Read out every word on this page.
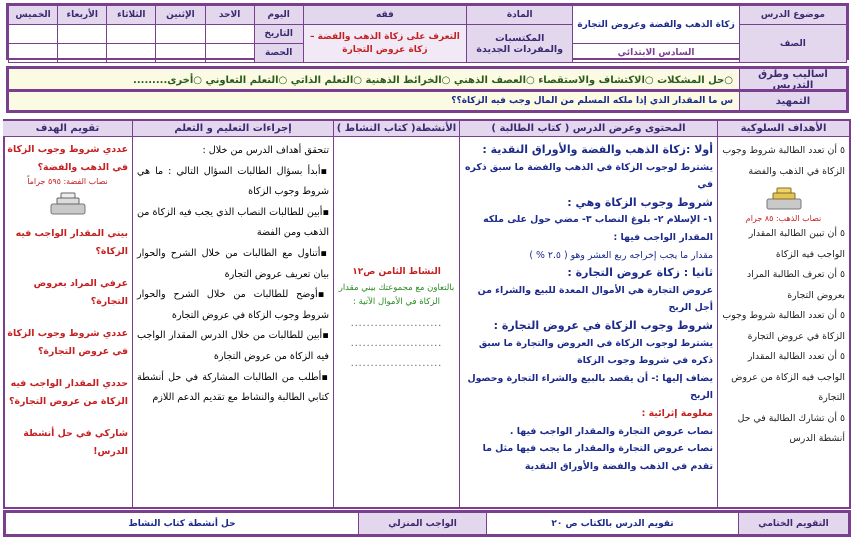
موضوع الدرس	زكاة الذهب والفضة وعروض التجارة	المادة	فقه	اليوم	الاحد	الإثنين	الثلاثاء	الأربعاء	الخميس
الصف		المكتسبات والمفردات الجديدة	التعرف على زكاة الذهب والفضة – زكاة عروض التجارة	التاريخ					
	السادس الابتدائي			الحصة					
أساليب وطرق التدريس	○حل المشكلات ○الاكتشاف والاستقصاء ○العصف الذهني ○الخرائط الذهنية ○التعلم الذاتي ○التعلم التعاوني ○أخرى.........
التمهيد	س ما المقدار الذي إذا ملكه المسلم من المال وجب فيه الزكاة؟؟
الأهداف السلوكية
٥ أن تعدد الطالبة شروط وجوب الزكاة في الذهب والفضة
نصاب الذهب: ٨٥ جرام
٥ أن تبين الطالبة المقدار الواجب فيه الزكاة
٥ أن تعرف الطالبة المراد بعروض التجارة
٥ أن تعدد الطالبة شروط وجوب الزكاة في عروض التجارة
٥ أن تعدد الطالبة المقدار الواجب فيه الزكاة من عروض التجارة
٥ أن تشارك الطالبة في حل أنشطة الدرس
المحتوى وعرض الدرس ( كتاب الطالبة )
أولا :زكاة الذهب والفضة والأوراق النقدية :
يشترط لوجوب الزكاة في الذهب والفضة ما سبق ذكره في
شروط وجوب الزكاة وهي :
١- الإسلام ٢- بلوغ النصاب ٣- مضي حول على ملكه
المقدار الواجب فيها :
مقدار ما يجب إخراجه ربع العشر وهو ( ٢.٥ % )
ثانيا : زكاة عروض التجارة :
عروض التجارة هي الأموال المعدة للبيع والشراء من أجل الربح
شروط وجوب الزكاة في عروض التجارة :
يشترط لوجوب الزكاة في العروض والتجارة ما سبق ذكره في شروط وجوب الزكاة
يضاف إليها :- أن يقصد بالبيع والشراء التجارة وحصول الربح
معلومة إثرائية :
نصاب عروض التجارة والمقدار الواجب فيها .
نصاب عروض التجارة والمقدار ما يجب فيها مثل ما تقدم في الذهب والفضة والأوراق النقدية
الأنشطة( كتاب النشاط )
النشاط الثامن ص١٢
بالتعاون مع مجموعتك بيني مقدار الزكاة في الأموال الآتية :
.......................
.......................
.......................
إجراءات التعليم و التعلم
تتحقق أهداف الدرس من خلال :
▪أبدأ بسؤال الطالبات السؤال التالي : ما هي شروط وجوب الزكاة
▪أبين للطالبات النصاب الذي يجب فيه الزكاة من الذهب ومن الفضة
▪أتناول مع الطالبات من خلال الشرح والحوار بيان تعريف عروض التجارة
▪أوضح للطالبات من خلال الشرح والحوار شروط وجوب الزكاة في عروض التجارة
▪أبين للطالبات من خلال الدرس المقدار الواجب فيه الزكاة من عروض التجارة
▪أطلب من الطالبات المشاركة في حل أنشطة كتابي الطالبة والنشاط مع تقديم الدعم اللازم
تقويم الهدف
عددي شروط وجوب الزكاة في الذهب والفضة؟
نصاب الفضة: ٥٩٥ جراماً
بيني المقدار الواجب فيه الزكاة؟
عرفي المراد بعروض التجارة؟
عددي شروط وجوب الزكاة في عروض التجارة؟
حددي المقدار الواجب فيه الزكاة من عروض التجارة؟
شاركي في حل أنشطة الدرس!
التقويم الختامي	تقويم الدرس بالكتاب ص ٢٠	الواجب المنزلي	حل أنشطة كتاب النشاط
